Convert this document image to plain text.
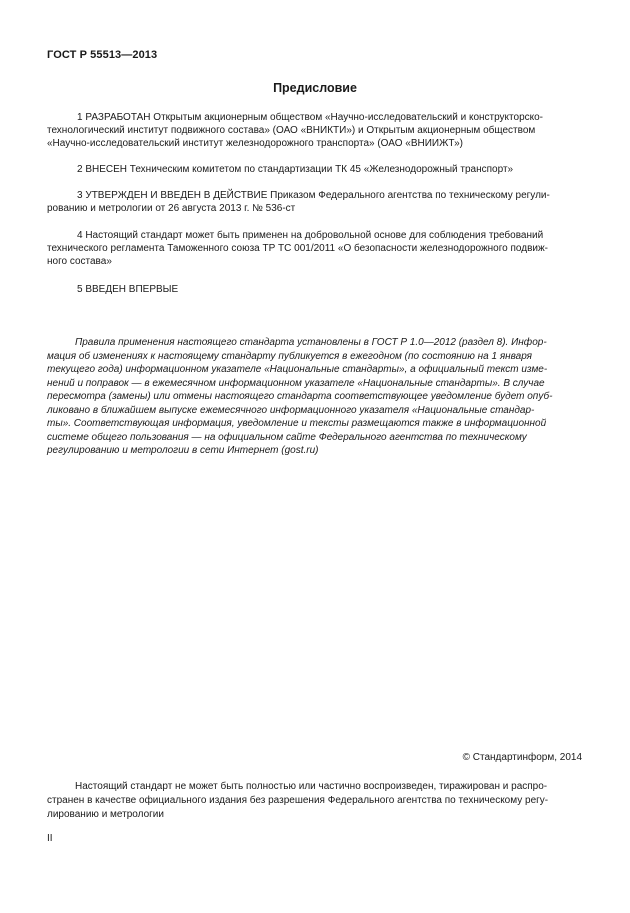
ГОСТ Р 55513—2013
Предисловие
1 РАЗРАБОТАН Открытым акционерным обществом «Научно-исследовательский и конструкторско-
технологический институт подвижного состава» (ОАО «ВНИКТИ») и Открытым акционерным обществом
«Научно-исследовательский институт железнодорожного транспорта» (ОАО «ВНИИЖТ»)
2 ВНЕСЕН Техническим комитетом по стандартизации ТК 45 «Железнодорожный транспорт»
3 УТВЕРЖДЕН И ВВЕДЕН В ДЕЙСТВИЕ Приказом Федерального агентства по техническому регули-
рованию и метрологии от 26 августа 2013 г. № 536-ст
4 Настоящий стандарт может быть применен на добровольной основе для соблюдения требований
технического регламента Таможенного союза ТР ТС 001/2011 «О безопасности железнодорожного подвиж-
ного состава»
5 ВВЕДЕН ВПЕРВЫЕ
Правила применения настоящего стандарта установлены в ГОСТ Р 1.0—2012 (раздел 8). Инфор-
мация об изменениях к настоящему стандарту публикуется в ежегодном (по состоянию на 1 января
текущего года) информационном указателе «Национальные стандарты», а официальный текст изме-
нений и поправок — в ежемесячном информационном указателе «Национальные стандарты». В случае
пересмотра (замены) или отмены настоящего стандарта соответствующее уведомление будет опуб-
ликовано в ближайшем выпуске ежемесячного информационного указателя «Национальные стандар-
ты». Соответствующая информация, уведомление и тексты размещаются также в информационной
системе общего пользования — на официальном сайте Федерального агентства по техническому
регулированию и метрологии в сети Интернет (gost.ru)
© Стандартинформ, 2014
Настоящий стандарт не может быть полностью или частично воспроизведен, тиражирован и распро-
странен в качестве официального издания без разрешения Федерального агентства по техническому регу-
лированию и метрологии
II
